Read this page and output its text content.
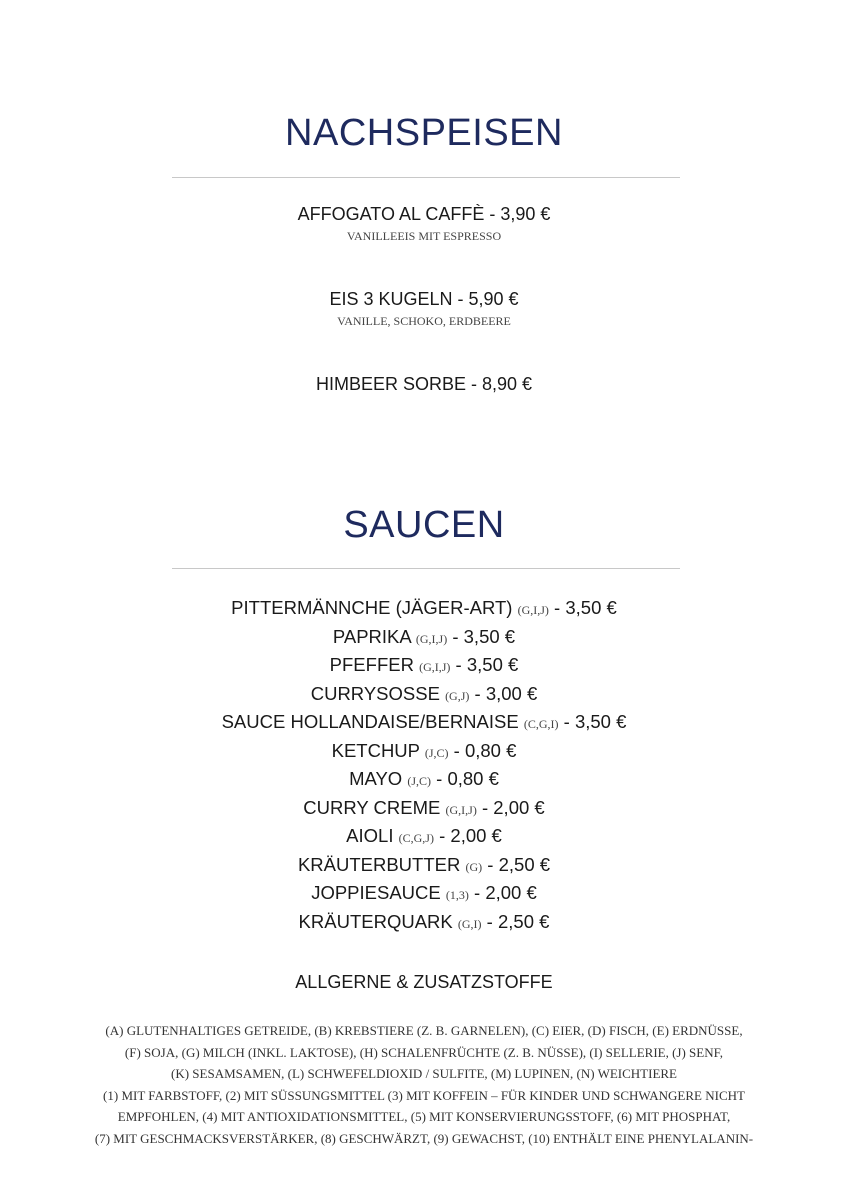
NACHSPEISEN
AFFOGATO AL CAFFÈ - 3,90 €
VANILLEEIS MIT ESPRESSO
EIS 3 KUGELN - 5,90 €
VANILLE, SCHOKO, ERDBEERE
HIMBEER SORBE - 8,90 €
SAUCEN
PITTERMÄNNCHE (JÄGER-ART) (G,I,J) - 3,50 €
PAPRIKA (G,I,J) - 3,50 €
PFEFFER (G,I,J) - 3,50 €
CURRYSOSSE (G,J) - 3,00 €
SAUCE HOLLANDAISE/BERNAISE (C,G,I) - 3,50 €
KETCHUP (J,C) - 0,80 €
MAYO (J,C) - 0,80 €
CURRY CREME (G,I,J) - 2,00 €
AIOLI (C,G,J) - 2,00 €
KRÄUTERBUTTER (G) - 2,50 €
JOPPIESAUCE (1,3) - 2,00 €
KRÄUTERQUARK (G,I) - 2,50 €
ALLGERNE & ZUSATZSTOFFE
(A) GLUTENHALTIGES GETREIDE, (B) KREBSTIERE (Z. B. GARNELEN), (C) EIER, (D) FISCH, (E) ERDNÜSSE,
(F) SOJA, (G) MILCH (INKL. LAKTOSE), (H) SCHALENFRÜCHTE (Z. B. NÜSSE), (I) SELLERIE, (J) SENF,
(K) SESAMSAMEN, (L) SCHWEFELDIOXID / SULFITE, (M) LUPINEN, (N) WEICHTIERE
(1) MIT FARBSTOFF, (2) MIT SÜSSUNGSMITTEL (3) MIT KOFFEIN – FÜR KINDER UND SCHWANGERE NICHT
EMPFOHLEN, (4) MIT ANTIOXIDATIONSMITTEL, (5) MIT KONSERVIERUNGSSTOFF, (6) MIT PHOSPHAT,
(7) MIT GESCHMACKSVERSTÄRKER, (8) GESCHWÄRZT, (9) GEWACHST, (10) ENTHÄLT EINE PHENYLALANIN-
